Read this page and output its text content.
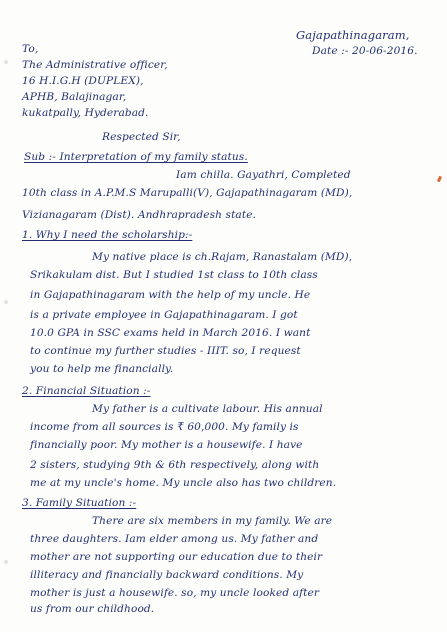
Gajapathinagaram,
Date :- 20-06-2016.
To,
The Administrative officer,
16 H.I.G.H (DUPLEX),
APHB, Balajinagar,
kukatpally, Hyderabad.
Respected Sir,
Sub :- Interpretation of my family status.
Iam chilla. Gayathri, Completed
10th class in A.P.M.S Marupalli(V), Gajapathinagaram (MD),
Vizianagaram (Dist). Andhrapradesh state.
1. Why I need the scholarship:-
My native place is ch.Rajam, Ranastalam (MD),
Srikakulam dist. But I studied 1st class to 10th class
in Gajapathinagaram with the help of my uncle. He
is a private employee in Gajapathinagaram. I got
10.0 GPA in SSC exams held in March 2016. I want
to continue my further studies - IIIT. so, I request
you to help me financially.
2. Financial Situation :-
My father is a cultivate labour. His annual
income from all sources is ₹ 60,000. My family is
financially poor. My mother is a housewife. I have
2 sisters, studying 9th & 6th respectively, along with
me at my uncle's home. My uncle also has two children.
3. Family Situation :-
There are six members in my family. We are
three daughters. Iam elder among us. My father and
mother are not supporting our education due to their
illiteracy and financially backward conditions. My
mother is just a housewife. so, my uncle looked after
us from our childhood.
